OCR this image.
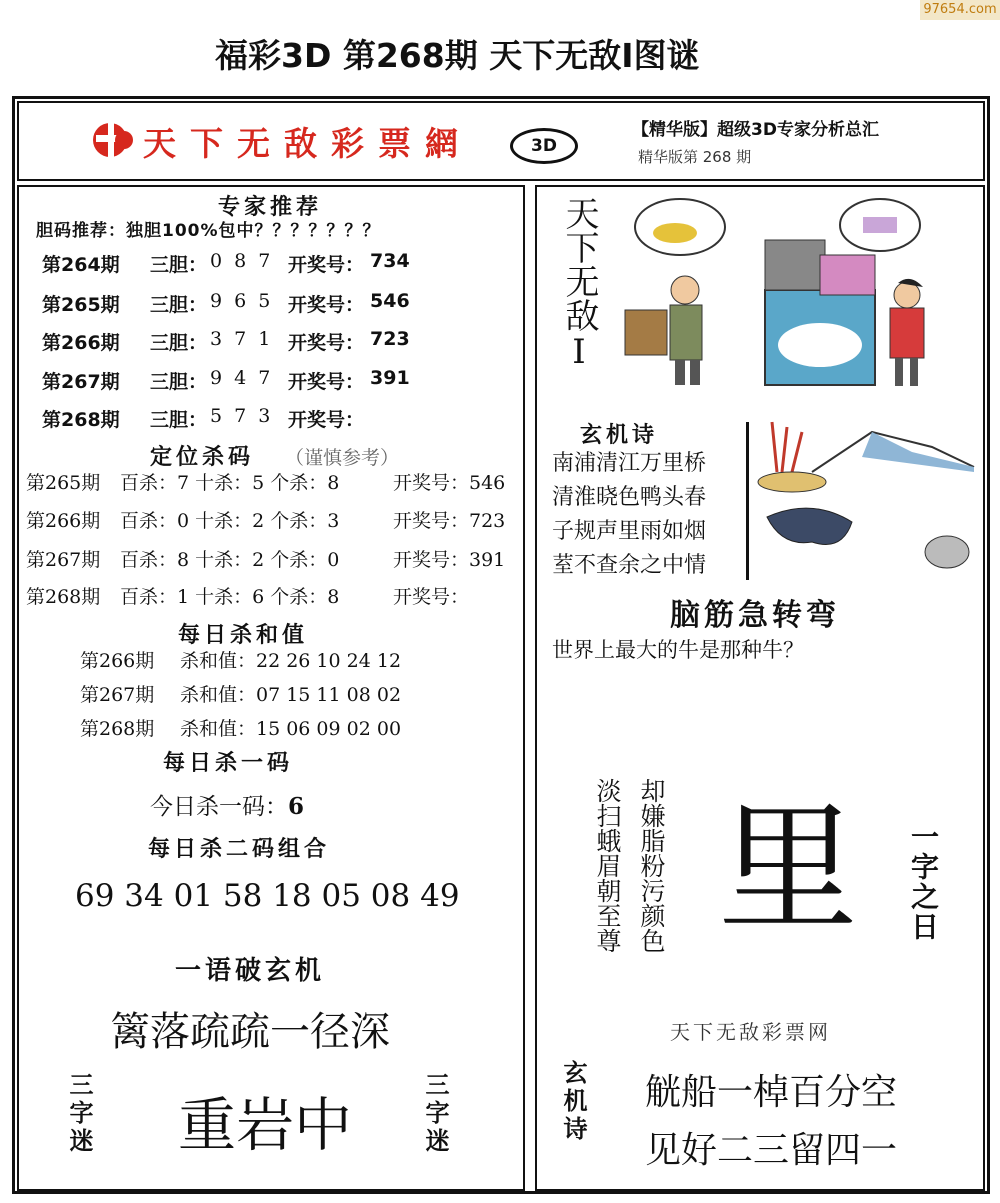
97654.com
福彩3D 第268期 天下无敌Ⅰ图谜
天下无敌彩票網	3D
【精华版】超级3D专家分析总汇
精华版第 268 期
专家推荐
胆码推荐：独胆100%包中？？？？？？？
第264期 三胆： 0 8 7 开奖号： 734
第265期 三胆： 9 6 5 开奖号： 546
第266期 三胆： 3 7 1 开奖号： 723
第267期 三胆： 9 4 7 开奖号： 391
第268期 三胆： 5 7 3 开奖号：
定位杀码 （谨慎参考）
第265期 百杀：7 十杀：5 个杀：8	开奖号：546
第266期 百杀：0 十杀：2 个杀：3	开奖号：723
第267期 百杀：8 十杀：2 个杀：0	开奖号：391
第268期 百杀：1 十杀：6 个杀：8	开奖号：
每日杀和值
第266期 杀和值：22 26 10 24 12
第267期 杀和值：07 15 11 08 02
第268期 杀和值：15 06 09 02 00
每日杀一码
今日杀一码：6
每日杀二码组合
69 34 01 58 18 05 08 49
一语破玄机
篱落疏疏一径深
三字迷 重岩中	三字迷
天下无敌Ⅰ
玄机诗
南浦清江万里桥
清淮晓色鸭头春
子规声里雨如烟
荎不查余之中情
脑筋急转弯
世界上最大的牛是那种牛？
淡扫蛾眉朝至尊 却嫌脂粉污颜色 里 一字之日
天下无敌彩票网
玄机诗 觥船一棹百分空
见好二三留四一
